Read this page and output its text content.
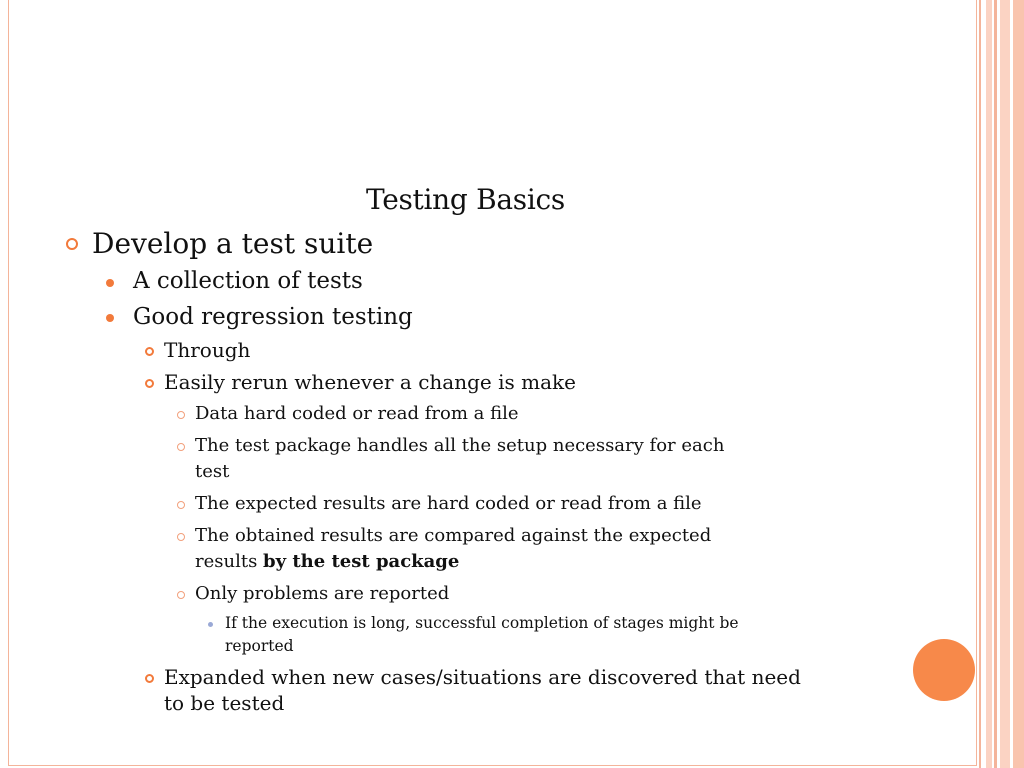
Testing Basics
Develop a test suite
A collection of tests
Good regression testing
Through
Easily rerun whenever a change is make
Data hard coded or read from a file
The test package handles all the setup necessary for each
test
The expected results are hard coded or read from a file
The obtained results are compared against the expected
results by the test package
Only problems are reported
If the execution is long, successful completion of stages might be
reported
Expanded when new cases/situations are discovered that need
to be tested
